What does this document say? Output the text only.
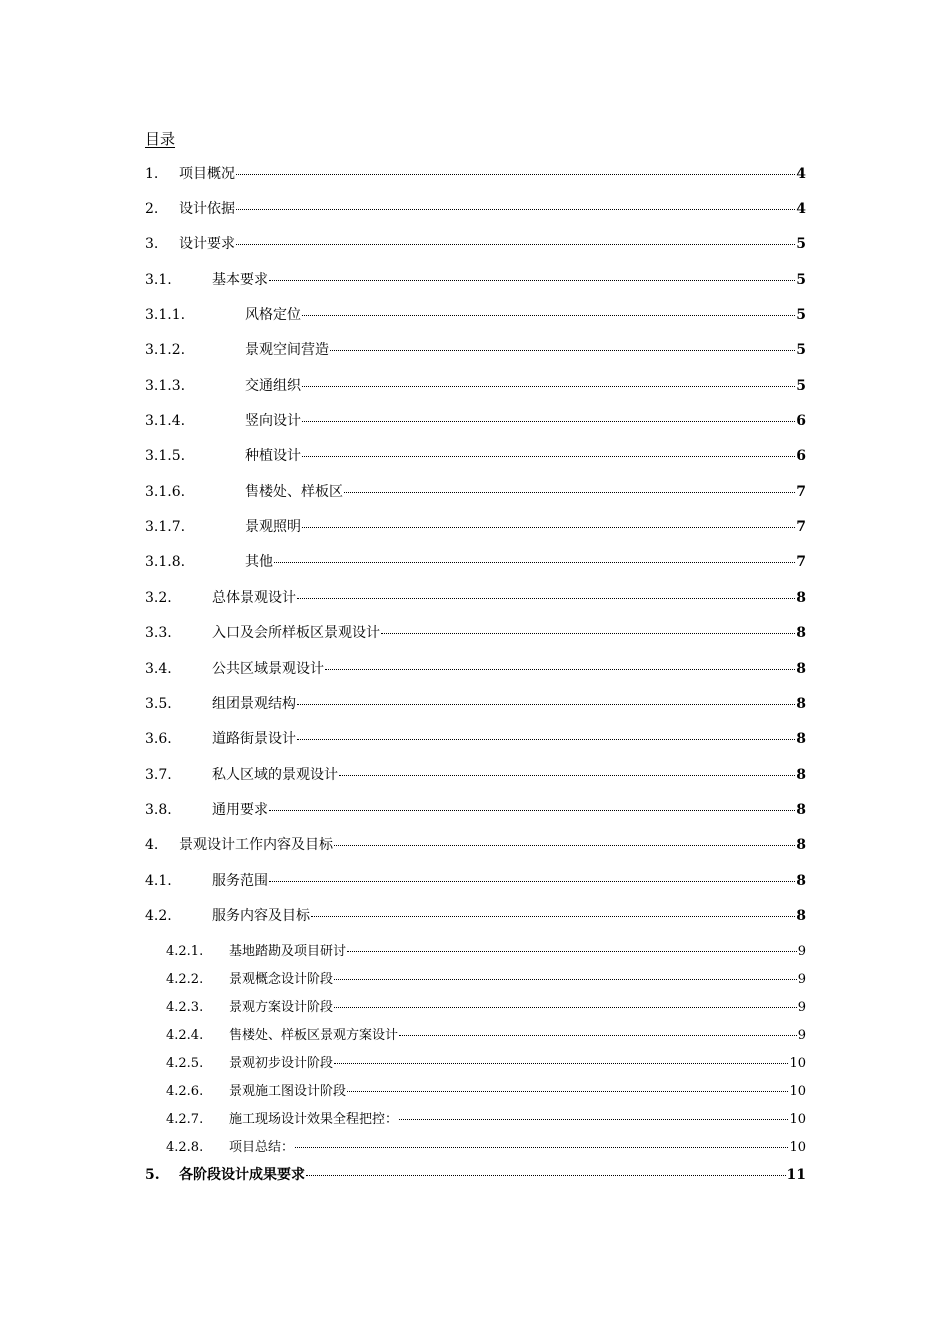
目录
1.	项目概况	4
2.	设计依据	4
3.	设计要求	5
3.1.	基本要求	5
3.1.1.	风格定位	5
3.1.2.	景观空间营造	5
3.1.3.	交通组织	5
3.1.4.	竖向设计	6
3.1.5.	种植设计	6
3.1.6.	售楼处、样板区	7
3.1.7.	景观照明	7
3.1.8.	其他	7
3.2.	总体景观设计	8
3.3.	入口及会所样板区景观设计	8
3.4.	公共区域景观设计	8
3.5.	组团景观结构	8
3.6.	道路街景设计	8
3.7.	私人区域的景观设计	8
3.8.	通用要求	8
4.	景观设计工作内容及目标	8
4.1.	服务范围	8
4.2.	服务内容及目标	8
4.2.1.	基地踏勘及项目研讨	9
4.2.2.	景观概念设计阶段	9
4.2.3.	景观方案设计阶段	9
4.2.4.	售楼处、样板区景观方案设计	9
4.2.5.	景观初步设计阶段	10
4.2.6.	景观施工图设计阶段	10
4.2.7.	施工现场设计效果全程把控：	10
4.2.8.	项目总结：	10
5.	各阶段设计成果要求	11
